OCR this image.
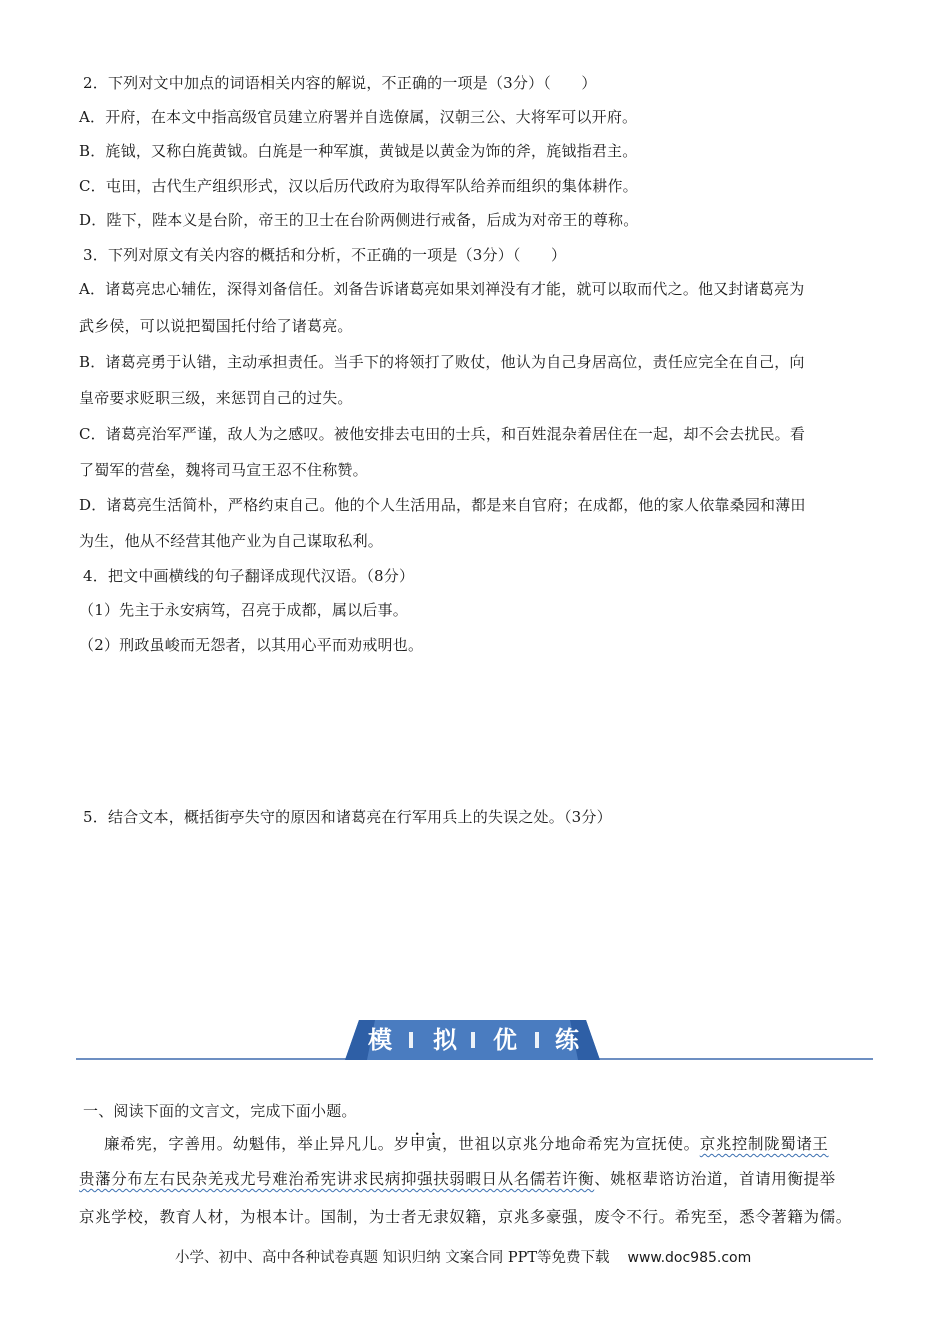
2．下列对文中加点的词语相关内容的解说，不正确的一项是（3分）（　　）
A．开府，在本文中指高级官员建立府署并自选僚属，汉朝三公、大将军可以开府。
B．旄钺，又称白旄黄钺。白旄是一种军旗，黄钺是以黄金为饰的斧，旄钺指君主。
C．屯田，古代生产组织形式，汉以后历代政府为取得军队给养而组织的集体耕作。
D．陛下，陛本义是台阶，帝王的卫士在台阶两侧进行戒备，后成为对帝王的尊称。
3．下列对原文有关内容的概括和分析，不正确的一项是（3分）（　　）
A．诸葛亮忠心辅佐，深得刘备信任。刘备告诉诸葛亮如果刘禅没有才能，就可以取而代之。他又封诸葛亮为
武乡侯，可以说把蜀国托付给了诸葛亮。
B．诸葛亮勇于认错，主动承担责任。当手下的将领打了败仗，他认为自己身居高位，责任应完全在自己，向
皇帝要求贬职三级，来惩罚自己的过失。
C．诸葛亮治军严谨，敌人为之感叹。被他安排去屯田的士兵，和百姓混杂着居住在一起，却不会去扰民。看
了蜀军的营垒，魏将司马宣王忍不住称赞。
D．诸葛亮生活简朴，严格约束自己。他的个人生活用品，都是来自官府；在成都，他的家人依靠桑园和薄田
为生，他从不经营其他产业为自己谋取私利。
4．把文中画横线的句子翻译成现代汉语。（8分）
（1）先主于永安病笃，召亮于成都，属以后事。
（2）刑政虽峻而无怨者，以其用心平而劝戒明也。
5．结合文本，概括街亭失守的原因和诸葛亮在行军用兵上的失误之处。（3分）
模 拟 优 练
一、阅读下面的文言文，完成下面小题。
廉希宪，字善用。幼魁伟，举止异凡儿。岁甲寅，世祖以京兆分地命希宪为宣抚使。京兆控制陇蜀诸王
贵藩分布左右民杂羌戎尤号难治希宪讲求民病抑强扶弱暇日从名儒若许衡、姚枢辈谘访治道，首请用衡提举
京兆学校，教育人材，为根本计。国制，为士者无隶奴籍，京兆多豪强，废令不行。希宪至，悉令著籍为儒。
小学、初中、高中各种试卷真题 知识归纳 文案合同 PPT等免费下载 www.doc985.com
